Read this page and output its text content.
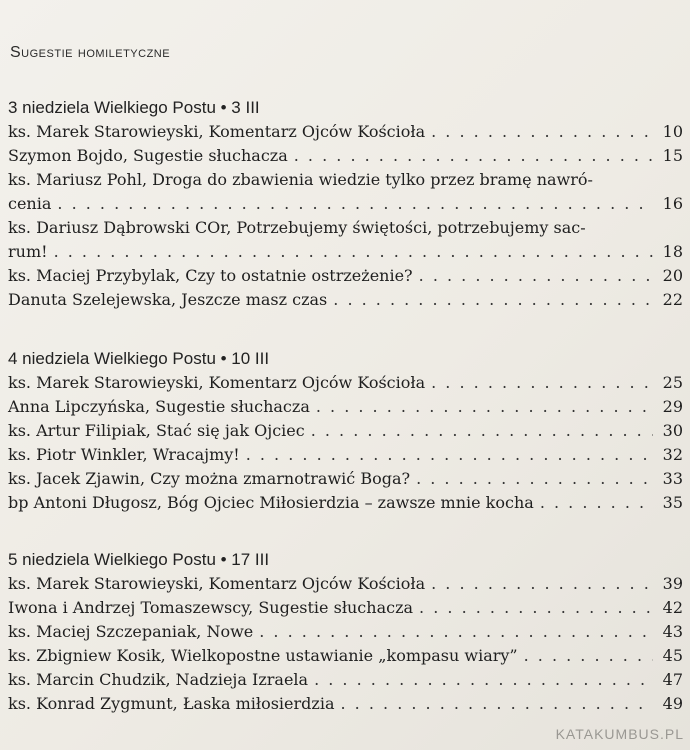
Sugestie homiletyczne
3 niedziela Wielkiego Postu • 3 III
ks. Marek Starowieyski, Komentarz Ojców Kościoła . . .	10
Szymon Bojdo, Sugestie słuchacza . . .	15
ks. Mariusz Pohl, Droga do zbawienia wiedzie tylko przez bramę nawró-
cenia . . .	16
ks. Dariusz Dąbrowski COr, Potrzebujemy świętości, potrzebujemy sac-
rum! . . .	18
ks. Maciej Przybylak, Czy to ostatnie ostrzeżenie? . . .	20
Danuta Szelejewska, Jeszcze masz czas . . .	22
4 niedziela Wielkiego Postu • 10 III
ks. Marek Starowieyski, Komentarz Ojców Kościoła . . .	25
Anna Lipczyńska, Sugestie słuchacza . . .	29
ks. Artur Filipiak, Stać się jak Ojciec . . .	30
ks. Piotr Winkler, Wracajmy! . . .	32
ks. Jacek Zjawin, Czy można zmarnotrawić Boga? . . .	33
bp Antoni Długosz, Bóg Ojciec Miłosierdzia – zawsze mnie kocha . . .	35
5 niedziela Wielkiego Postu • 17 III
ks. Marek Starowieyski, Komentarz Ojców Kościoła . . .	39
Iwona i Andrzej Tomaszewscy, Sugestie słuchacza . . .	42
ks. Maciej Szczepaniak, Nowe . . .	43
ks. Zbigniew Kosik, Wielkopostne ustawianie „kompasu wiary” . . .	45
ks. Marcin Chudzik, Nadzieja Izraela . . .	47
ks. Konrad Zygmunt, Łaska miłosierdzia . . .	49
KATAKUMBUS.PL
